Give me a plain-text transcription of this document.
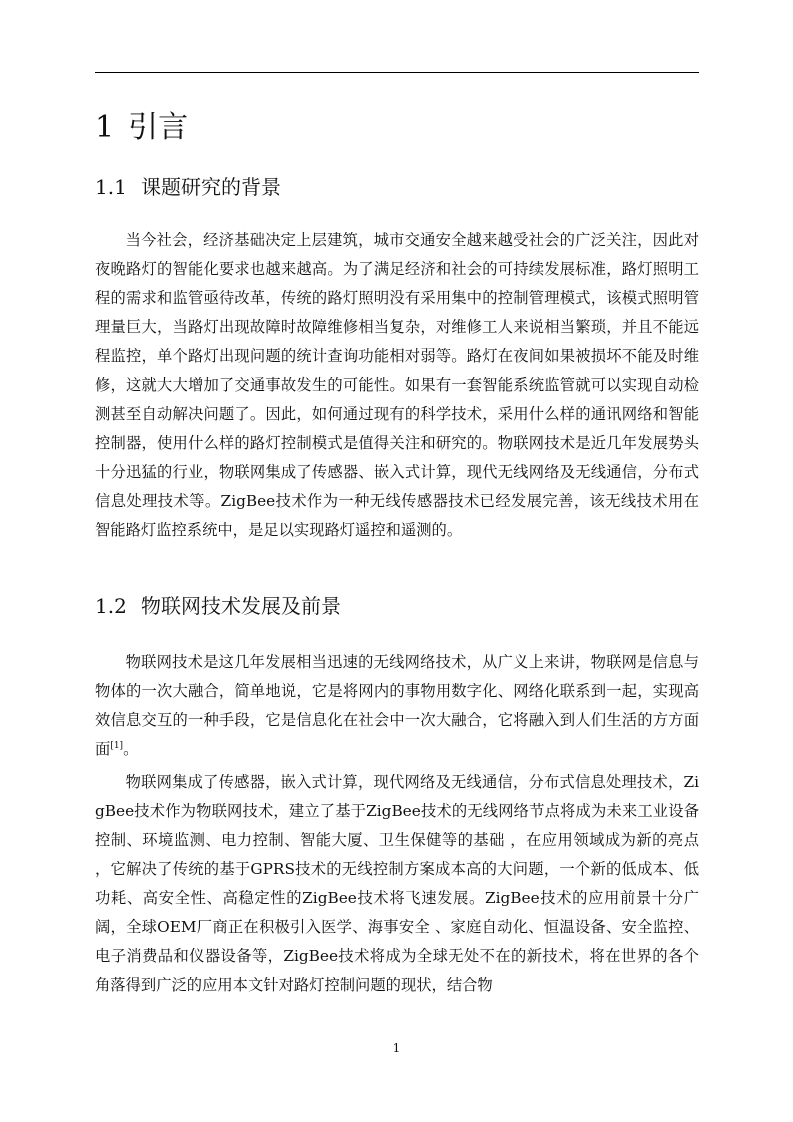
1 引言
1.1 课题研究的背景

当今社会，经济基础决定上层建筑，城市交通安全越来越受社会的广泛关注，因此对夜晚路灯的智能化要求也越来越高。为了满足经济和社会的可持续发展标准，路灯照明工程的需求和监管亟待改革，传统的路灯照明没有采用集中的控制管理模式，该模式照明管理量巨大，当路灯出现故障时故障维修相当复杂，对维修工人来说相当繁琐，并且不能远程监控，单个路灯出现问题的统计查询功能相对弱等。路灯在夜间如果被损坏不能及时维修，这就大大增加了交通事故发生的可能性。如果有一套智能系统监管就可以实现自动检测甚至自动解决问题了。因此，如何通过现有的科学技术，采用什么样的通讯网络和智能控制器，使用什么样的路灯控制模式是值得关注和研究的。物联网技术是近几年发展势头十分迅猛的行业，物联网集成了传感器、嵌入式计算，现代无线网络及无线通信，分布式信息处理技术等。ZigBee技术作为一种无线传感器技术已经发展完善，该无线技术用在智能路灯监控系统中，是足以实现路灯遥控和遥测的。

1.2 物联网技术发展及前景

物联网技术是这几年发展相当迅速的无线网络技术，从广义上来讲，物联网是信息与物体的一次大融合，简单地说，它是将网内的事物用数字化、网络化联系到一起，实现高效信息交互的一种手段，它是信息化在社会中一次大融合，它将融入到人们生活的方方面面[1]。

物联网集成了传感器，嵌入式计算，现代网络及无线通信，分布式信息处理技术，ZigBee技术作为物联网技术，建立了基于ZigBee技术的无线网络节点将成为未来工业设备控制、环境监测、电力控制、智能大厦、卫生保健等的基础 ，在应用领域成为新的亮点 ，它解决了传统的基于GPRS技术的无线控制方案成本高的大问题，一个新的低成本、低功耗、高安全性、高稳定性的ZigBee技术将飞速发展。ZigBee技术的应用前景十分广阔，全球OEM厂商正在积极引入医学、海事安全 、家庭自动化、恒温设备、安全监控、电子消费品和仪器设备等，ZigBee技术将成为全球无处不在的新技术，将在世界的各个角落得到广泛的应用本文针对路灯控制问题的现状，结合物

1
